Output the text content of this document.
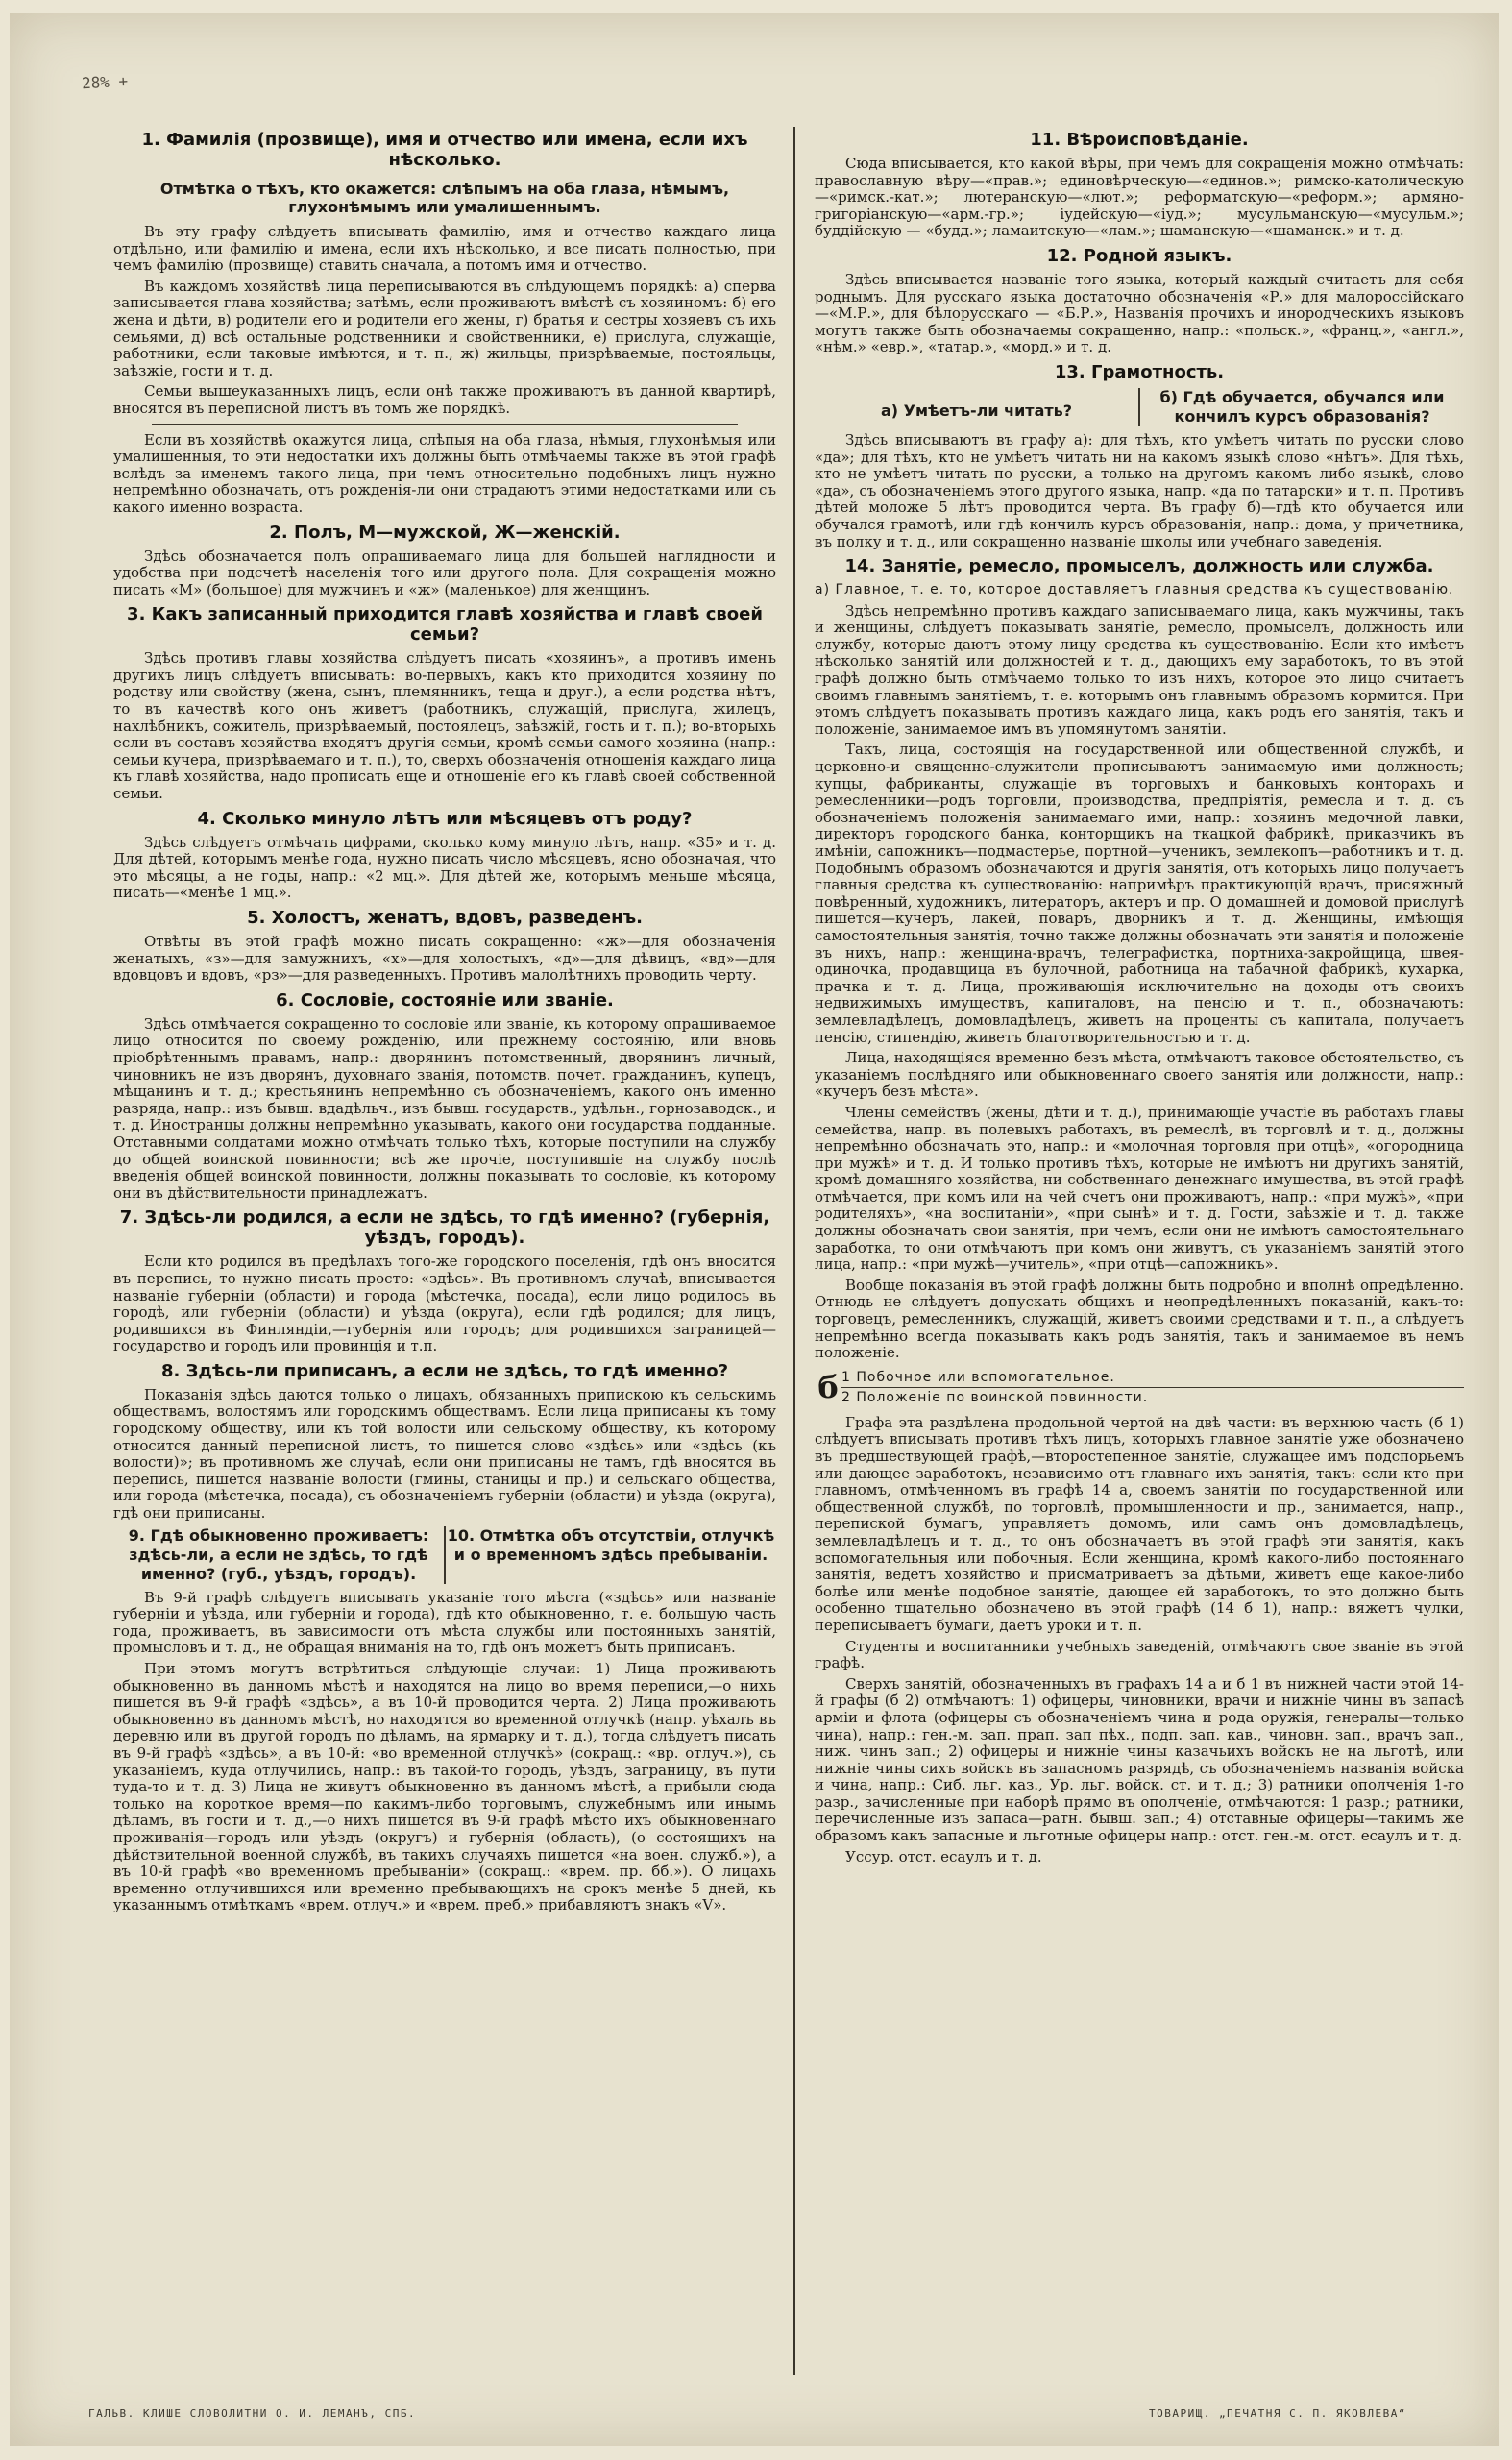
28% +
1. Фамилія (прозвище), имя и отчество или имена, если ихъ нѣсколько.
Отмѣтка о тѣхъ, кто окажется: слѣпымъ на оба глаза, нѣмымъ, глухонѣмымъ или умалишеннымъ.

Въ эту графу слѣдуетъ вписывать фамилію, имя и отчество каждаго лица отдѣльно, или фамилію и имена, если ихъ нѣсколько, и все писать полностью, при чемъ фамилію (прозвище) ставить сначала, а потомъ имя и отчество.

Въ каждомъ хозяйствѣ лица переписываются въ слѣдующемъ порядкѣ: а) сперва записывается глава хозяйства; затѣмъ, если проживаютъ вмѣстѣ съ хозяиномъ: б) его жена и дѣти, в) родители его и родители его жены, г) братья и сестры хозяевъ съ ихъ семьями, д) всѣ остальные родственники и свойственники, е) прислуга, служащіе, работники, если таковые имѣются, и т. п., ж) жильцы, призрѣваемые, постояльцы, заѣзжіе, гости и т. д.

Семьи вышеуказанныхъ лицъ, если онѣ также проживаютъ въ данной квартирѣ, вносятся въ переписной листъ въ томъ же порядкѣ.

Если въ хозяйствѣ окажутся лица, слѣпыя на оба глаза, нѣмыя, глухонѣмыя или умалишенныя, то эти недостатки ихъ должны быть отмѣчаемы также въ этой графѣ вслѣдъ за именемъ такого лица, при чемъ относительно подобныхъ лицъ нужно непремѣнно обозначать, отъ рожденія-ли они страдаютъ этими недостатками или съ какого именно возраста.

2. Полъ, М—мужской, Ж—женскій.

Здѣсь обозначается полъ опрашиваемаго лица для большей наглядности и удобства при подсчетѣ населенія того или другого пола. Для сокращенія можно писать «М» (большое) для мужчинъ и «ж» (маленькое) для женщинъ.

3. Какъ записанный приходится главѣ хозяйства и главѣ своей семьи?

Здѣсь противъ главы хозяйства слѣдуетъ писать «хозяинъ», а противъ именъ другихъ лицъ слѣдуетъ вписывать: во-первыхъ, какъ кто приходится хозяину по родству или свойству (жена, сынъ, племянникъ, теща и друг.), а если родства нѣтъ, то въ качествѣ кого онъ живетъ (работникъ, служащій, прислуга, жилецъ, нахлѣбникъ, сожитель, призрѣваемый, постоялецъ, заѣзжій, гость и т. п.); во-вторыхъ если въ составъ хозяйства входятъ другія семьи, кромѣ семьи самого хозяина (напр.: семьи кучера, призрѣваемаго и т. п.), то, сверхъ обозначенія отношенія каждаго лица къ главѣ хозяйства, надо прописать еще и отношеніе его къ главѣ своей собственной семьи.

4. Сколько минуло лѣтъ или мѣсяцевъ отъ роду?

Здѣсь слѣдуетъ отмѣчать цифрами, сколько кому минуло лѣтъ, напр. «35» и т. д. Для дѣтей, которымъ менѣе года, нужно писать число мѣсяцевъ, ясно обозначая, что это мѣсяцы, а не годы, напр.: «2 мц.». Для дѣтей же, которымъ меньше мѣсяца, писать—«менѣе 1 мц.».

5. Холостъ, женатъ, вдовъ, разведенъ.

Отвѣты въ этой графѣ можно писать сокращенно: «ж»—для обозначенія женатыхъ, «з»—для замужнихъ, «х»—для холостыхъ, «д»—для дѣвицъ, «вд»—для вдовцовъ и вдовъ, «рз»—для разведенныхъ. Противъ малолѣтнихъ проводить черту.

6. Сословіе, состояніе или званіе.

Здѣсь отмѣчается сокращенно то сословіе или званіе, къ которому опрашиваемое лицо относится по своему рожденію, или прежнему состоянію, или вновь пріобрѣтеннымъ правамъ, напр.: дворянинъ потомственный, дворянинъ личный, чиновникъ не изъ дворянъ, духовнаго званія, потомств. почет. гражданинъ, купецъ, мѣщанинъ и т. д.; крестьянинъ непремѣнно съ обозначеніемъ, какого онъ именно разряда, напр.: изъ бывш. вдадѣльч., изъ бывш. государств., удѣльн., горнозаводск., и т. д. Иностранцы должны непремѣнно указывать, какого они государства подданные. Отставными солдатами можно отмѣчать только тѣхъ, которые поступили на службу до общей воинской повинности; всѣ же прочіе, поступившіе на службу послѣ введенія общей воинской повинности, должны показывать то сословіе, къ которому они въ дѣйствительности принадлежатъ.

7. Здѣсь-ли родился, а если не здѣсь, то гдѣ именно? (губернія, уѣздъ, городъ).

Если кто родился въ предѣлахъ того-же городского поселенія, гдѣ онъ вносится въ перепись, то нужно писать просто: «здѣсь». Въ противномъ случаѣ, вписывается названіе губерніи (области) и города (мѣстечка, посада), если лицо родилось въ городѣ, или губерніи (области) и уѣзда (округа), если гдѣ родился; для лицъ, родившихся въ Финляндіи,—губернія или городъ; для родившихся заграницей—государство и городъ или провинція и т.п.

8. Здѣсь-ли приписанъ, а если не здѣсь, то гдѣ именно?

Показанія здѣсь даются только о лицахъ, обязанныхъ припискою къ сельскимъ обществамъ, волостямъ или городскимъ обществамъ. Если лица приписаны къ тому городскому обществу, или къ той волости или сельскому обществу, къ которому относится данный переписной листъ, то пишется слово «здѣсь» или «здѣсь (къ волости)»; въ противномъ же случаѣ, если они приписаны не тамъ, гдѣ вносятся въ перепись, пишется названіе волости (гмины, станицы и пр.) и сельскаго общества, или города (мѣстечка, посада), съ обозначеніемъ губерніи (области) и уѣзда (округа), гдѣ они приписаны.

9. Гдѣ обыкновенно проживаетъ: здѣсь-ли, а если не здѣсь, то гдѣ именно? (губ., уѣздъ, городъ).
10. Отмѣтка объ отсутствіи, отлучкѣ и о временномъ здѣсь пребываніи.

Въ 9-й графѣ слѣдуетъ вписывать указаніе того мѣста («здѣсь» или названіе губерніи и уѣзда, или губерніи и города), гдѣ кто обыкновенно, т. е. большую часть года, проживаетъ, въ зависимости отъ мѣста службы или постоянныхъ занятій, промысловъ и т. д., не обращая вниманія на то, гдѣ онъ можетъ быть приписанъ.

При этомъ могутъ встрѣтиться слѣдующіе случаи: 1) Лица проживаютъ обыкновенно въ данномъ мѣстѣ и находятся на лицо во время переписи,—о нихъ пишется въ 9-й графѣ «здѣсь», а въ 10-й проводится черта. 2) Лица проживаютъ обыкновенно въ данномъ мѣстѣ, но находятся во временной отлучкѣ (напр. уѣхалъ въ деревню или въ другой городъ по дѣламъ, на ярмарку и т. д.), тогда слѣдуетъ писать въ 9-й графѣ «здѣсь», а въ 10-й: «во временной отлучкѣ» (сокращ.: «вр. отлуч.»), съ указаніемъ, куда отлучились, напр.: въ такой-то городъ, уѣздъ, заграницу, въ пути туда-то и т. д. 3) Лица не живутъ обыкновенно въ данномъ мѣстѣ, а прибыли сюда только на короткое время—по какимъ-либо торговымъ, служебнымъ или инымъ дѣламъ, въ гости и т. д.,—о нихъ пишется въ 9-й графѣ мѣсто ихъ обыкновеннаго проживанія—городъ или уѣздъ (округъ) и губернія (область), (о состоящихъ на дѣйствительной военной службѣ, въ такихъ случаяхъ пишется «на воен. служб.»), а въ 10-й графѣ «во временномъ пребываніи» (сокращ.: «врем. пр. бб.»). О лицахъ временно отлучившихся или временно пребывающихъ на срокъ менѣе 5 дней, къ указаннымъ отмѣткамъ «врем. отлуч.» и «врем. преб.» прибавляютъ знакъ «V».

11. Вѣроисповѣданіе.

Сюда вписывается, кто какой вѣры, при чемъ для сокращенія можно отмѣчать: православную вѣру—«прав.»; единовѣрческую—«единов.»; римско-католическую—«римск.-кат.»; лютеранскую—«лют.»; реформатскую—«реформ.»; армяно-григоріанскую—«арм.-гр.»; іудейскую—«іуд.»; мусульманскую—«мусульм.»; буддійскую — «будд.»; ламаитскую—«лам.»; шаманскую—«шаманск.» и т. д.

12. Родной языкъ.

Здѣсь вписывается названіе того языка, который каждый считаетъ для себя роднымъ. Для русскаго языка достаточно обозначенія «Р.» для малороссійскаго—«М.Р.», для бѣлорусскаго — «Б.Р.», Названія прочихъ и инородческихъ языковъ могутъ также быть обозначаемы сокращенно, напр.: «польск.», «франц.», «англ.», «нѣм.» «евр.», «татар.», «морд.» и т. д.

13. Грамотность.
а) Умѣетъ-ли читать?
б) Гдѣ обучается, обучался или кончилъ курсъ образованія?

Здѣсь вписываютъ въ графу а): для тѣхъ, кто умѣетъ читать по русски слово «да»; для тѣхъ, кто не умѣетъ читать ни на какомъ языкѣ слово «нѣтъ». Для тѣхъ, кто не умѣетъ читать по русски, а только на другомъ какомъ либо языкѣ, слово «да», съ обозначеніемъ этого другого языка, напр. «да по татарски» и т. п. Противъ дѣтей моложе 5 лѣтъ проводится черта. Въ графу б)—гдѣ кто обучается или обучался грамотѣ, или гдѣ кончилъ курсъ образованія, напр.: дома, у причетника, въ полку и т. д., или сокращенно названіе школы или учебнаго заведенія.

14. Занятіе, ремесло, промыселъ, должность или служба.
а) Главное, т. е. то, которое доставляетъ главныя средства къ существованію.

Здѣсь непремѣнно противъ каждаго записываемаго лица, какъ мужчины, такъ и женщины, слѣдуетъ показывать занятіе, ремесло, промыселъ, должность или службу, которые даютъ этому лицу средства къ существованію. Если кто имѣетъ нѣсколько занятій или должностей и т. д., дающихъ ему заработокъ, то въ этой графѣ должно быть отмѣчаемо только то изъ нихъ, которое это лицо считаетъ своимъ главнымъ занятіемъ, т. е. которымъ онъ главнымъ образомъ кормится. При этомъ слѣдуетъ показывать противъ каждаго лица, какъ родъ его занятія, такъ и положеніе, занимаемое имъ въ упомянутомъ занятіи.

Такъ, лица, состоящія на государственной или общественной службѣ, и церковно-и священно-служители прописываютъ занимаемую ими должность; купцы, фабриканты, служащіе въ торговыхъ и банковыхъ конторахъ и ремесленники—родъ торговли, производства, предпріятія, ремесла и т. д. съ обозначеніемъ положенія занимаемаго ими, напр.: хозяинъ медочной лавки, директоръ городского банка, конторщикъ на ткацкой фабрикѣ, приказчикъ въ имѣніи, сапожникъ—подмастерье, портной—ученикъ, землекопъ—работникъ и т. д. Подобнымъ образомъ обозначаются и другія занятія, отъ которыхъ лицо получаетъ главныя средства къ существованію: напримѣръ практикующій врачъ, присяжный повѣренный, художникъ, литераторъ, актеръ и пр. О домашней и домовой прислугѣ пишется—кучеръ, лакей, поваръ, дворникъ и т. д. Женщины, имѣющія самостоятельныя занятія, точно также должны обозначать эти занятія и положеніе въ нихъ, напр.: женщина-врачъ, телеграфистка, портниха-закройщица, швея-одиночка, продавщица въ булочной, работница на табачной фабрикѣ, кухарка, прачка и т. д. Лица, проживающія исключительно на доходы отъ своихъ недвижимыхъ имуществъ, капиталовъ, на пенсію и т. п., обозначаютъ: землевладѣлецъ, домовладѣлецъ, живетъ на проценты съ капитала, получаетъ пенсію, стипендію, живетъ благотворительностью и т. д.

Лица, находящіяся временно безъ мѣста, отмѣчаютъ таковое обстоятельство, съ указаніемъ послѣдняго или обыкновеннаго своего занятія или должности, напр.: «кучеръ безъ мѣста».

Члены семействъ (жены, дѣти и т. д.), принимающіе участіе въ работахъ главы семейства, напр. въ полевыхъ работахъ, въ ремеслѣ, въ торговлѣ и т. д., должны непремѣнно обозначать это, напр.: и «молочная торговля при отцѣ», «огородница при мужѣ» и т. д. И только противъ тѣхъ, которые не имѣютъ ни другихъ занятій, кромѣ домашняго хозяйства, ни собственнаго денежнаго имущества, въ этой графѣ отмѣчается, при комъ или на чей счетъ они проживаютъ, напр.: «при мужѣ», «при родителяхъ», «на воспитаніи», «при сынѣ» и т. д. Гости, заѣзжіе и т. д. также должны обозначать свои занятія, при чемъ, если они не имѣютъ самостоятельнаго заработка, то они отмѣчаютъ при комъ они живутъ, съ указаніемъ занятій этого лица, напр.: «при мужѣ—учитель», «при отцѣ—сапожникъ».

Вообще показанія въ этой графѣ должны быть подробно и вполнѣ опредѣленно. Отнюдь не слѣдуетъ допускать общихъ и неопредѣленныхъ показаній, какъ-то: торговецъ, ремесленникъ, служащій, живетъ своими средствами и т. п., а слѣдуетъ непремѣнно всегда показывать какъ родъ занятія, такъ и занимаемое въ немъ положеніе.

б 1 Побочное или вспомогательное.
2 Положеніе по воинской повинности.

Графа эта раздѣлена продольной чертой на двѣ части: въ верхнюю часть (б 1) слѣдуетъ вписывать противъ тѣхъ лицъ, которыхъ главное занятіе уже обозначено въ предшествующей графѣ,—второстепенное занятіе, служащее имъ подспорьемъ или дающее заработокъ, независимо отъ главнаго ихъ занятія, такъ: если кто при главномъ, отмѣченномъ въ графѣ 14 а, своемъ занятіи по государственной или общественной службѣ, по торговлѣ, промышленности и пр., занимается, напр., перепиской бумагъ, управляетъ домомъ, или самъ онъ домовладѣлецъ, землевладѣлецъ и т. д., то онъ обозначаетъ въ этой графѣ эти занятія, какъ вспомогательныя или побочныя. Если женщина, кромѣ какого-либо постояннаго занятія, ведетъ хозяйство и присматриваетъ за дѣтьми, живетъ еще какое-либо болѣе или менѣе подобное занятіе, дающее ей заработокъ, то это должно быть особенно тщательно обозначено въ этой графѣ (14 б 1), напр.: вяжетъ чулки, переписываетъ бумаги, даетъ уроки и т. п.

Студенты и воспитанники учебныхъ заведеній, отмѣчаютъ свое званіе въ этой графѣ.

Сверхъ занятій, обозначенныхъ въ графахъ 14 а и б 1 въ нижней части этой 14-й графы (б 2) отмѣчаютъ: 1) офицеры, чиновники, врачи и нижніе чины въ запасѣ арміи и флота (офицеры съ обозначеніемъ чина и рода оружія, генералы—только чина), напр.: ген.-м. зап. прап. зап пѣх., подп. зап. кав., чиновн. зап., врачъ зап., ниж. чинъ зап.; 2) офицеры и нижніе чины казачьихъ войскъ не на льготѣ, или нижніе чины сихъ войскъ въ запасномъ разрядѣ, съ обозначеніемъ названія войска и чина, напр.: Сиб. льг. каз., Ур. льг. войск. ст. и т. д.; 3) ратники ополченія 1-го разр., зачисленные при наборѣ прямо въ ополченіе, отмѣчаются: 1 разр.; ратники, перечисленные изъ запаса—ратн. бывш. зап.; 4) отставные офицеры—такимъ же образомъ какъ запасные и льготные офицеры напр.: отст. ген.-м. отст. есаулъ и т. д.

Уссур. отст. есаулъ и т. д.

ГАЛЬВ. КЛИШЕ СЛОВОЛИТНИ О. И. ЛЕМАНЪ, СПБ.	ТОВАРИЩ. „ПЕЧАТНЯ С. П. ЯКОВЛЕВА“
